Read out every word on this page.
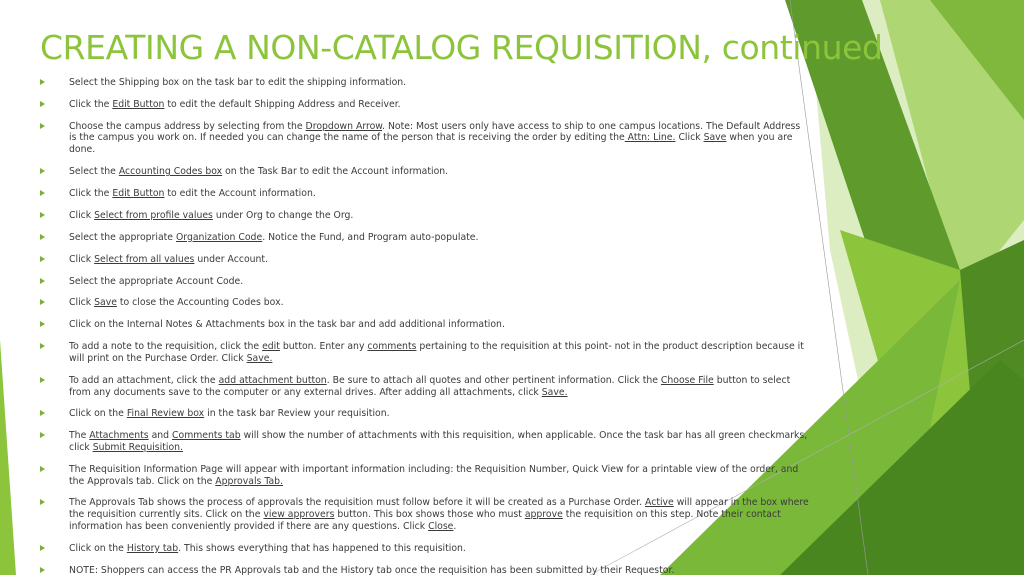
CREATING A NON-CATALOG REQUISITION, continued
Select the Shipping box on the task bar to edit the shipping information.
Click the Edit Button to edit the default Shipping Address and Receiver.
Choose the campus address by selecting from the Dropdown Arrow. Note: Most users only have access to ship to one campus locations. The Default Address is the campus you work on. If needed you can change the name of the person that is receiving the order by editing the Attn: Line. Click Save when you are done.
Select the Accounting Codes box on the Task Bar to edit the Account information.
Click the Edit Button to edit the Account information.
Click Select from profile values under Org to change the Org.
Select the appropriate Organization Code. Notice the Fund, and Program auto-populate.
Click Select from all values under Account.
Select the appropriate Account Code.
Click Save to close the Accounting Codes box.
Click on the Internal Notes & Attachments box in the task bar and add additional information.
To add a note to the requisition, click the edit button. Enter any comments pertaining to the requisition at this point- not in the product description because it will print on the Purchase Order. Click Save.
To add an attachment, click the add attachment button. Be sure to attach all quotes and other pertinent information. Click the Choose File button to select from any documents save to the computer or any external drives. After adding all attachments, click Save.
Click on the Final Review box in the task bar Review your requisition.
The Attachments and Comments tab will show the number of attachments with this requisition, when applicable. Once the task bar has all green checkmarks, click Submit Requisition.
The Requisition Information Page will appear with important information including: the Requisition Number, Quick View for a printable view of the order, and the Approvals tab. Click on the Approvals Tab.
The Approvals Tab shows the process of approvals the requisition must follow before it will be created as a Purchase Order. Active will appear in the box where the requisition currently sits. Click on the view approvers button. This box shows those who must approve the requisition on this step. Note their contact information has been conveniently provided if there are any questions. Click Close.
Click on the History tab. This shows everything that has happened to this requisition.
NOTE: Shoppers can access the PR Approvals tab and the History tab once the requisition has been submitted by their Requestor.
